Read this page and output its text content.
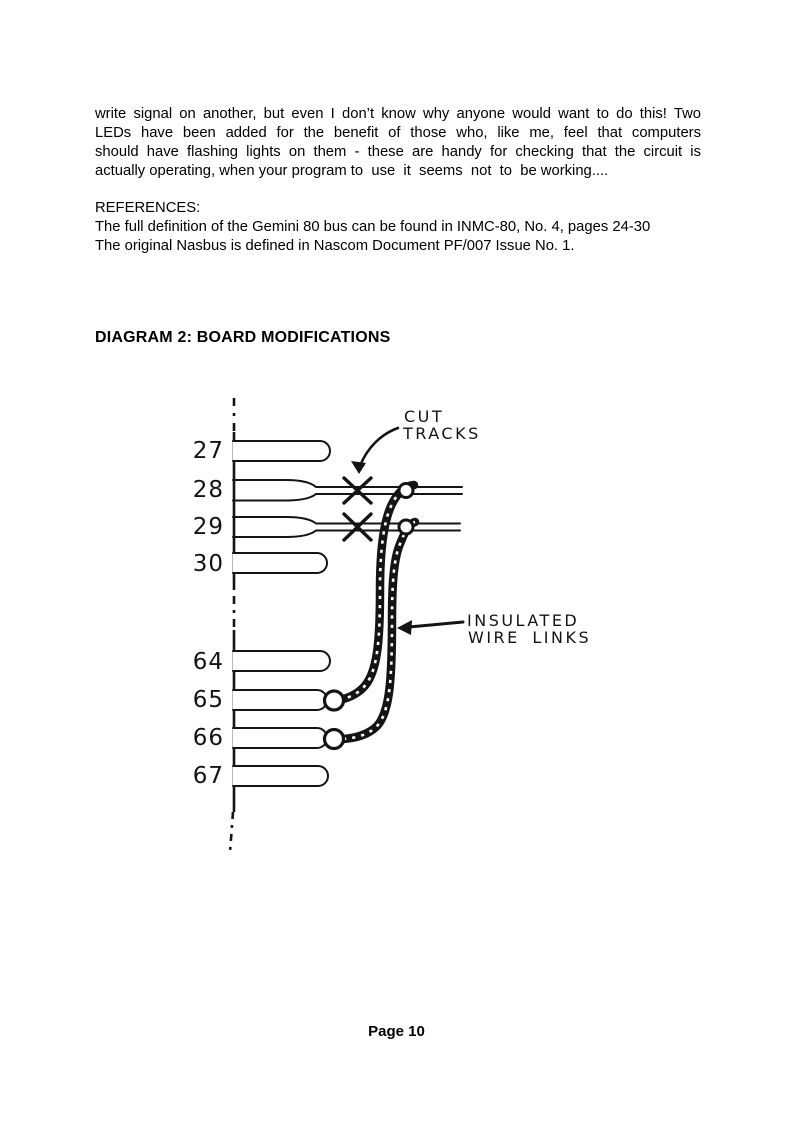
write signal on another, but even I don’t know why anyone would want to do this! Two
LEDs have been added for the benefit of those who, like me, feel that computers
should have flashing lights on them - these are handy for checking that the circuit is
actually operating, when your program to  use  it  seems  not  to  be working....
REFERENCES:
The full definition of the Gemini 80 bus can be found in INMC-80, No. 4, pages 24-30
The original Nasbus is defined in Nascom Document PF/007 Issue No. 1.
DIAGRAM 2: BOARD MODIFICATIONS
27
28
29
30
64
65
66
67
CUT
TRACKS
INSULATED
WIRE LINKS
Page 10
